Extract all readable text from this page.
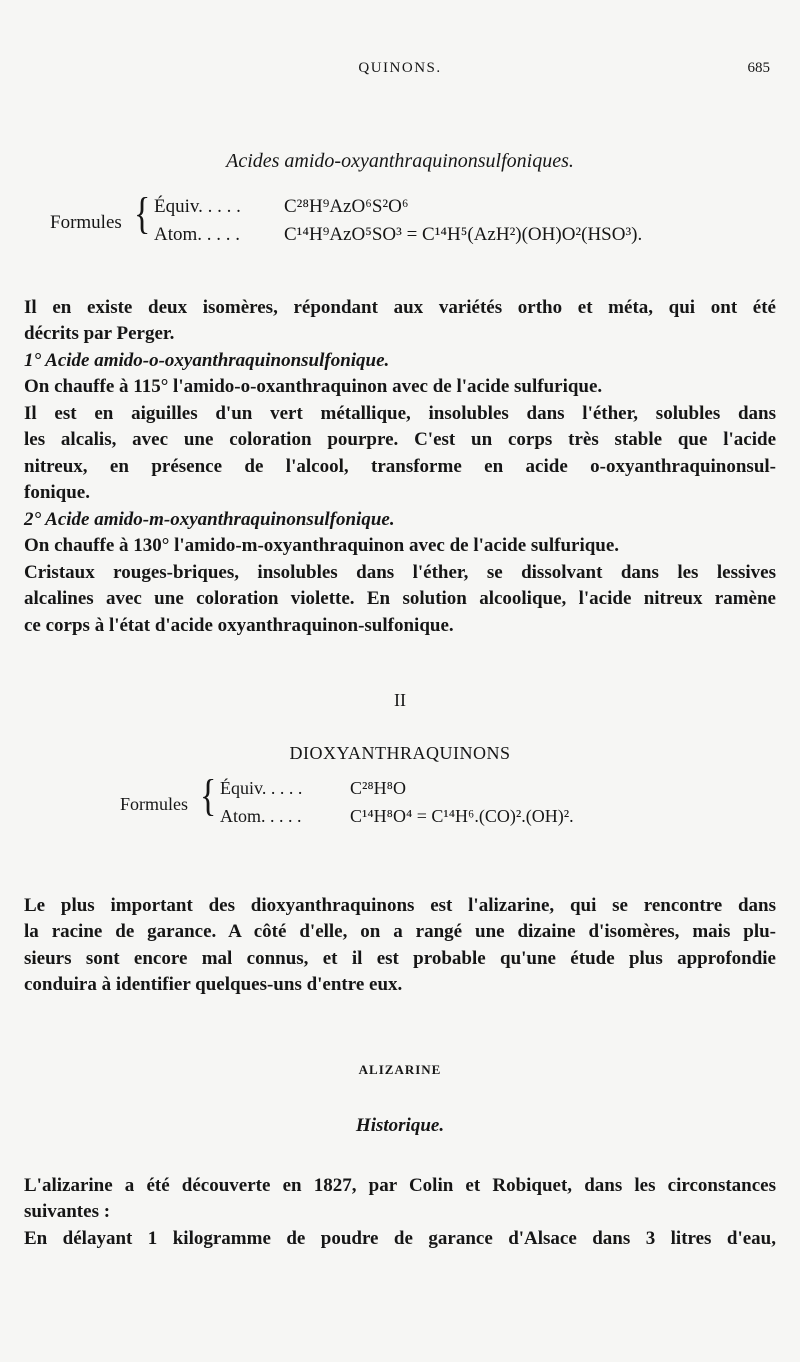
QUINONS.	685
Acides amido-oxyanthraquinonsulfoniques.
Formules { Équiv. . . . . C²⁸H⁹AzO⁶S²O⁶
Atom. . . . . C¹⁴H⁹AzO⁵SO³ = C¹⁴H⁵(AzH²)(OH)O²(HSO³).

Il en existe deux isomères, répondant aux variétés ortho et méta, qui ont été

décrits par Perger.

1° Acide amido-o-oxyanthraquinonsulfonique.

On chauffe à 115° l'amido-o-oxanthraquinon avec de l'acide sulfurique.

Il est en aiguilles d'un vert métallique, insolubles dans l'éther, solubles dans

les alcalis, avec une coloration pourpre. C'est un corps très stable que l'acide

nitreux, en présence de l'alcool, transforme en acide o-oxyanthraquinonsul-

fonique.

2° Acide amido-m-oxyanthraquinonsulfonique.

On chauffe à 130° l'amido-m-oxyanthraquinon avec de l'acide sulfurique.

Cristaux rouges-briques, insolubles dans l'éther, se dissolvant dans les lessives

alcalines avec une coloration violette. En solution alcoolique, l'acide nitreux ramène

ce corps à l'état d'acide oxyanthraquinon-sulfonique.

II
DIOXYANTHRAQUINONS
Formules { Équiv. . . . .	C²⁸H⁸O
Atom. . . . .	C¹⁴H⁸O⁴ = C¹⁴H⁶.(CO)².(OH)².

Le plus important des dioxyanthraquinons est l'alizarine, qui se rencontre dans

la racine de garance. A côté d'elle, on a rangé une dizaine d'isomères, mais plu-

sieurs sont encore mal connus, et il est probable qu'une étude plus approfondie

conduira à identifier quelques-uns d'entre eux.

ALIZARINE
Historique.

L'alizarine a été découverte en 1827, par Colin et Robiquet, dans les circonstances

suivantes :

En délayant 1 kilogramme de poudre de garance d'Alsace dans 3 litres d'eau,
